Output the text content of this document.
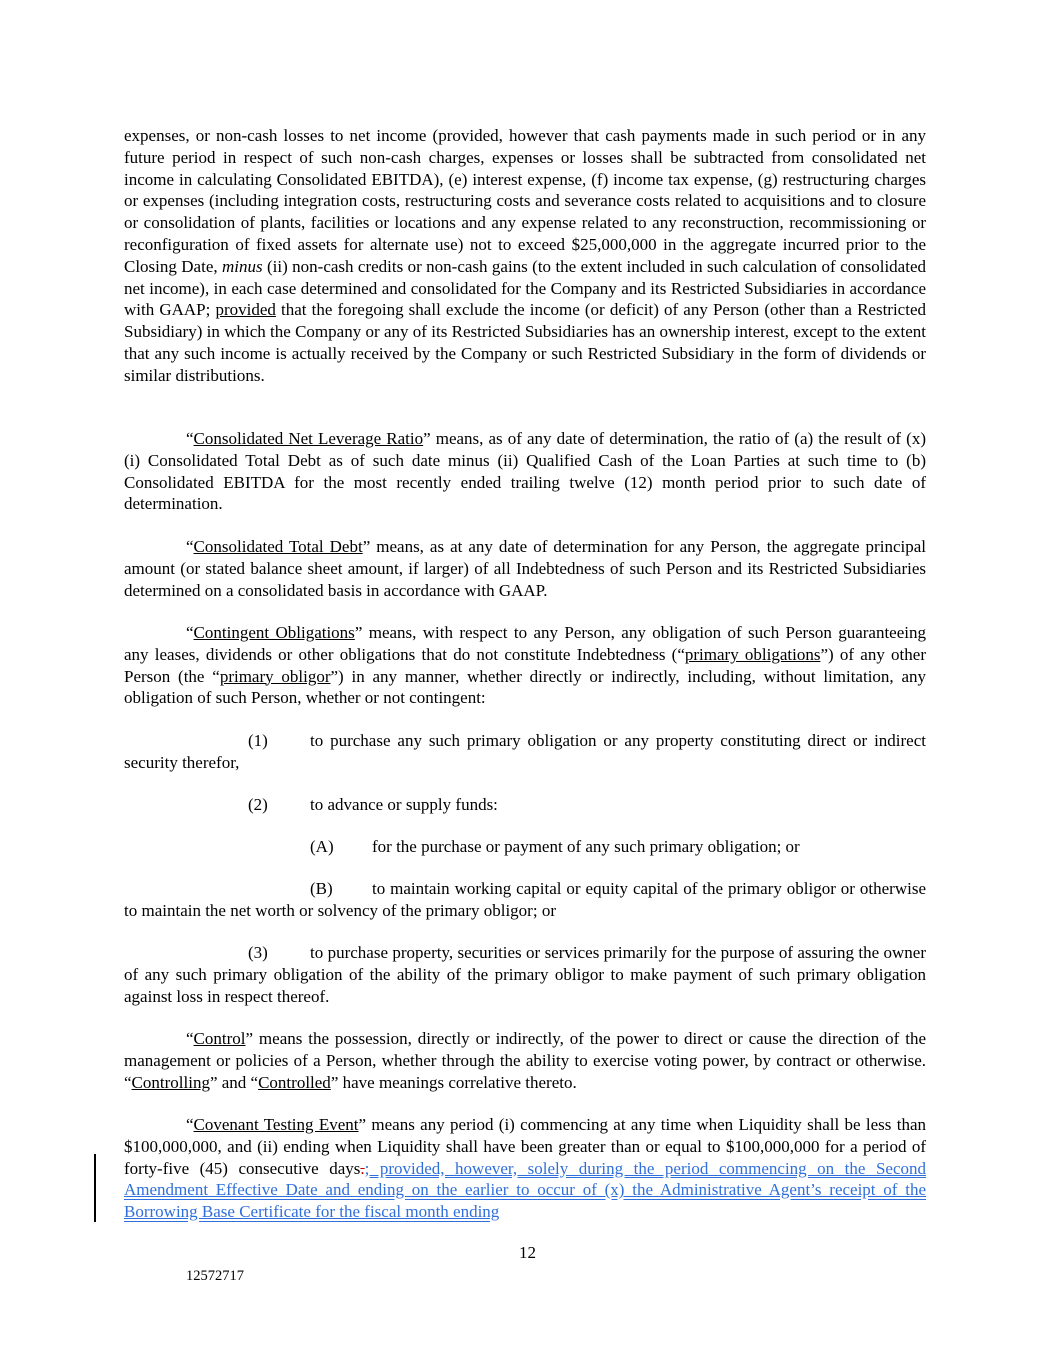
expenses, or non-cash losses to net income (provided, however that cash payments made in such period or in any future period in respect of such non-cash charges, expenses or losses shall be subtracted from consolidated net income in calculating Consolidated EBITDA), (e) interest expense, (f) income tax expense, (g) restructuring charges or expenses (including integration costs, restructuring costs and severance costs related to acquisitions and to closure or consolidation of plants, facilities or locations and any expense related to any reconstruction, recommissioning or reconfiguration of fixed assets for alternate use) not to exceed $25,000,000 in the aggregate incurred prior to the Closing Date, minus (ii) non-cash credits or non-cash gains (to the extent included in such calculation of consolidated net income), in each case determined and consolidated for the Company and its Restricted Subsidiaries in accordance with GAAP; provided that the foregoing shall exclude the income (or deficit) of any Person (other than a Restricted Subsidiary) in which the Company or any of its Restricted Subsidiaries has an ownership interest, except to the extent that any such income is actually received by the Company or such Restricted Subsidiary in the form of dividends or similar distributions.

“Consolidated Net Leverage Ratio” means, as of any date of determination, the ratio of (a) the result of (x) (i) Consolidated Total Debt as of such date minus (ii) Qualified Cash of the Loan Parties at such time to (b) Consolidated EBITDA for the most recently ended trailing twelve (12) month period prior to such date of determination.

“Consolidated Total Debt” means, as at any date of determination for any Person, the aggregate principal amount (or stated balance sheet amount, if larger) of all Indebtedness of such Person and its Restricted Subsidiaries determined on a consolidated basis in accordance with GAAP.

“Contingent Obligations” means, with respect to any Person, any obligation of such Person guaranteeing any leases, dividends or other obligations that do not constitute Indebtedness (“primary obligations”) of any other Person (the “primary obligor”) in any manner, whether directly or indirectly, including, without limitation, any obligation of such Person, whether or not contingent:

(1) to purchase any such primary obligation or any property constituting direct or indirect security therefor,

(2) to advance or supply funds:

(A) for the purchase or payment of any such primary obligation; or

(B) to maintain working capital or equity capital of the primary obligor or otherwise to maintain the net worth or solvency of the primary obligor; or

(3) to purchase property, securities or services primarily for the purpose of assuring the owner of any such primary obligation of the ability of the primary obligor to make payment of such primary obligation against loss in respect thereof.

“Control” means the possession, directly or indirectly, of the power to direct or cause the direction of the management or policies of a Person, whether through the ability to exercise voting power, by contract or otherwise. “Controlling” and “Controlled” have meanings correlative thereto.

“Covenant Testing Event” means any period (i) commencing at any time when Liquidity shall be less than $100,000,000, and (ii) ending when Liquidity shall have been greater than or equal to $100,000,000 for a period of forty-five (45) consecutive days.; provided, however, solely during the period commencing on the Second Amendment Effective Date and ending on the earlier to occur of (x) the Administrative Agent’s receipt of the Borrowing Base Certificate for the fiscal month ending

12
12572717
